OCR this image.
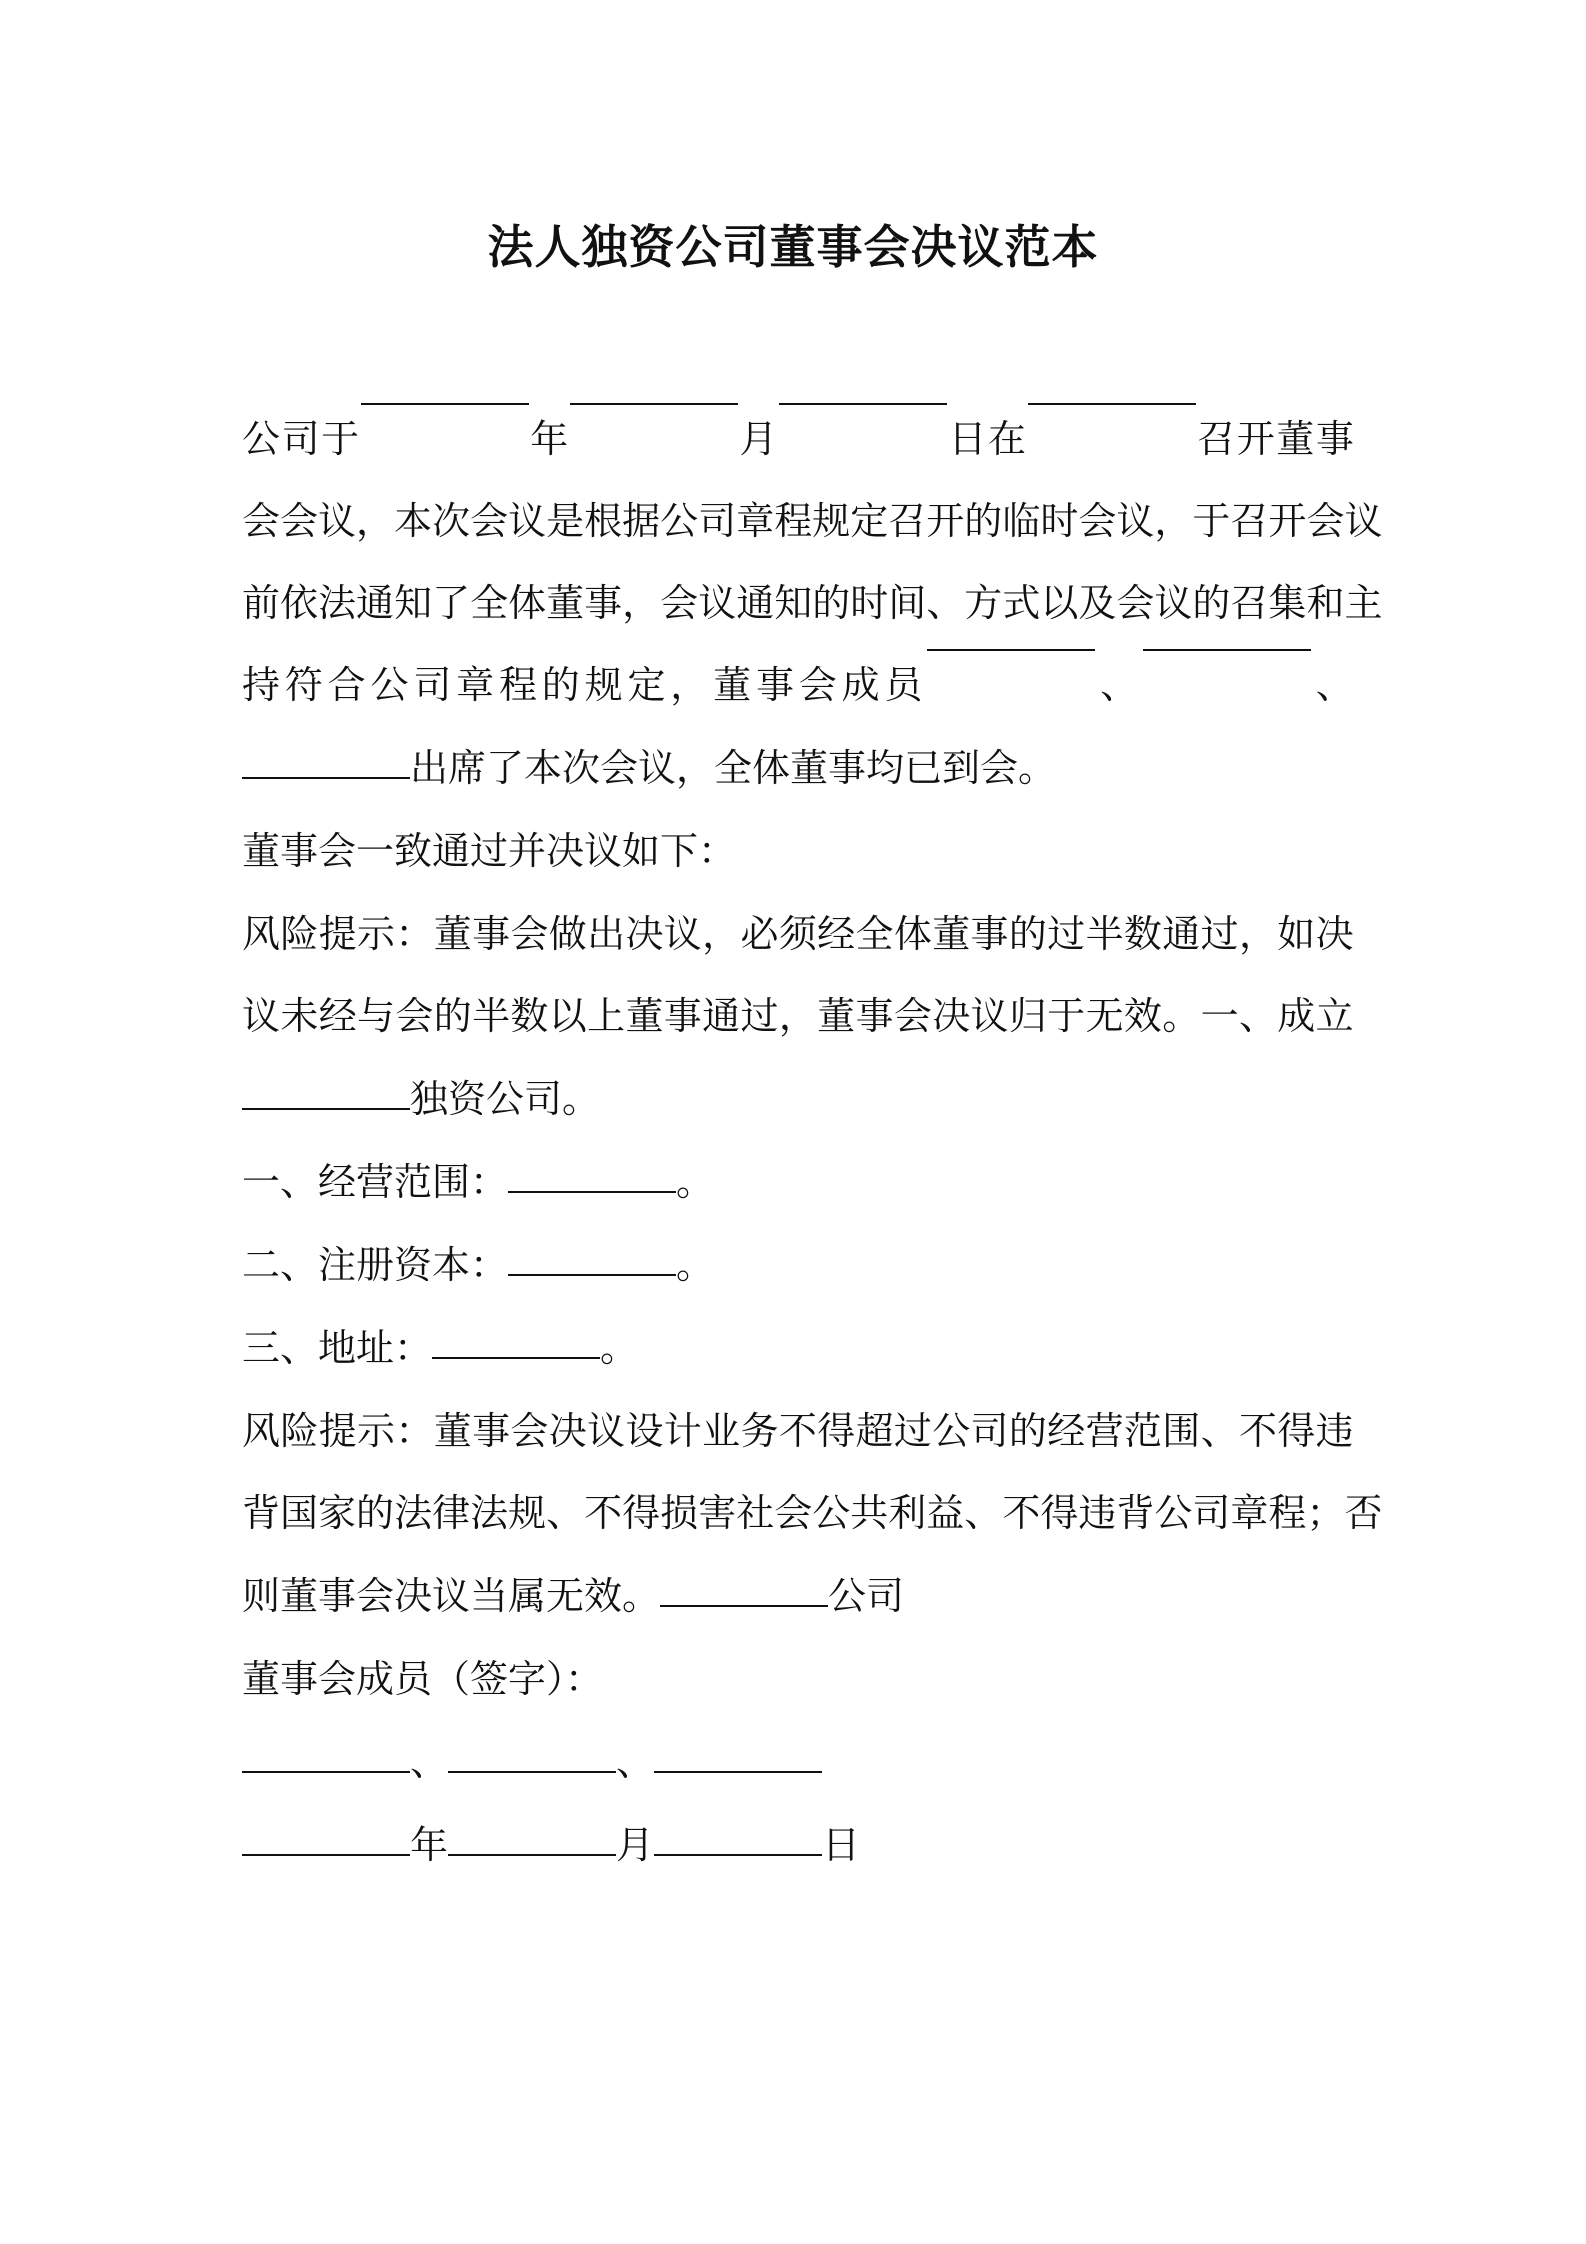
法人独资公司董事会决议范本
公 司 于	年	月	日 在	召 开 董 事
会 会 议 ， 本 次 会 议 是 根 据 公 司 章 程 规 定 召 开 的 临 时 会 议 ， 于 召 开 会 议
前 依 法 通 知 了 全 体 董 事 ， 会 议 通 知 的 时 间 、 方 式 以 及 会 议 的 召 集 和 主
持 符 合 公 司 章 程 的 规 定 ， 董 事 会 成 员	、	、
出席了本次会议，全体董事均已到会。
董事会一致通过并决议如下：
风 险 提 示 ： 董 事 会 做 出 决 议 ， 必 须 经 全 体 董 事 的 过 半 数 通 过 ， 如 决
议 未 经 与 会 的 半 数 以 上 董 事 通 过 ， 董 事 会 决 议 归 于 无 效 。 一 、 成 立
独资公司。
一、经营范围：	。
二、注册资本：	。
三、地址：	。
风 险 提 示 ： 董 事 会 决 议 设 计 业 务 不 得 超 过 公 司 的 经 营 范 围 、 不 得 违
背 国 家 的 法 律 法 规 、 不 得 损 害 社 会 公 共 利 益 、 不 得 违 背 公 司 章 程 ； 否
则董事会决议当属无效。	公司
董事会成员（签字）：
、	、
年	月	日
